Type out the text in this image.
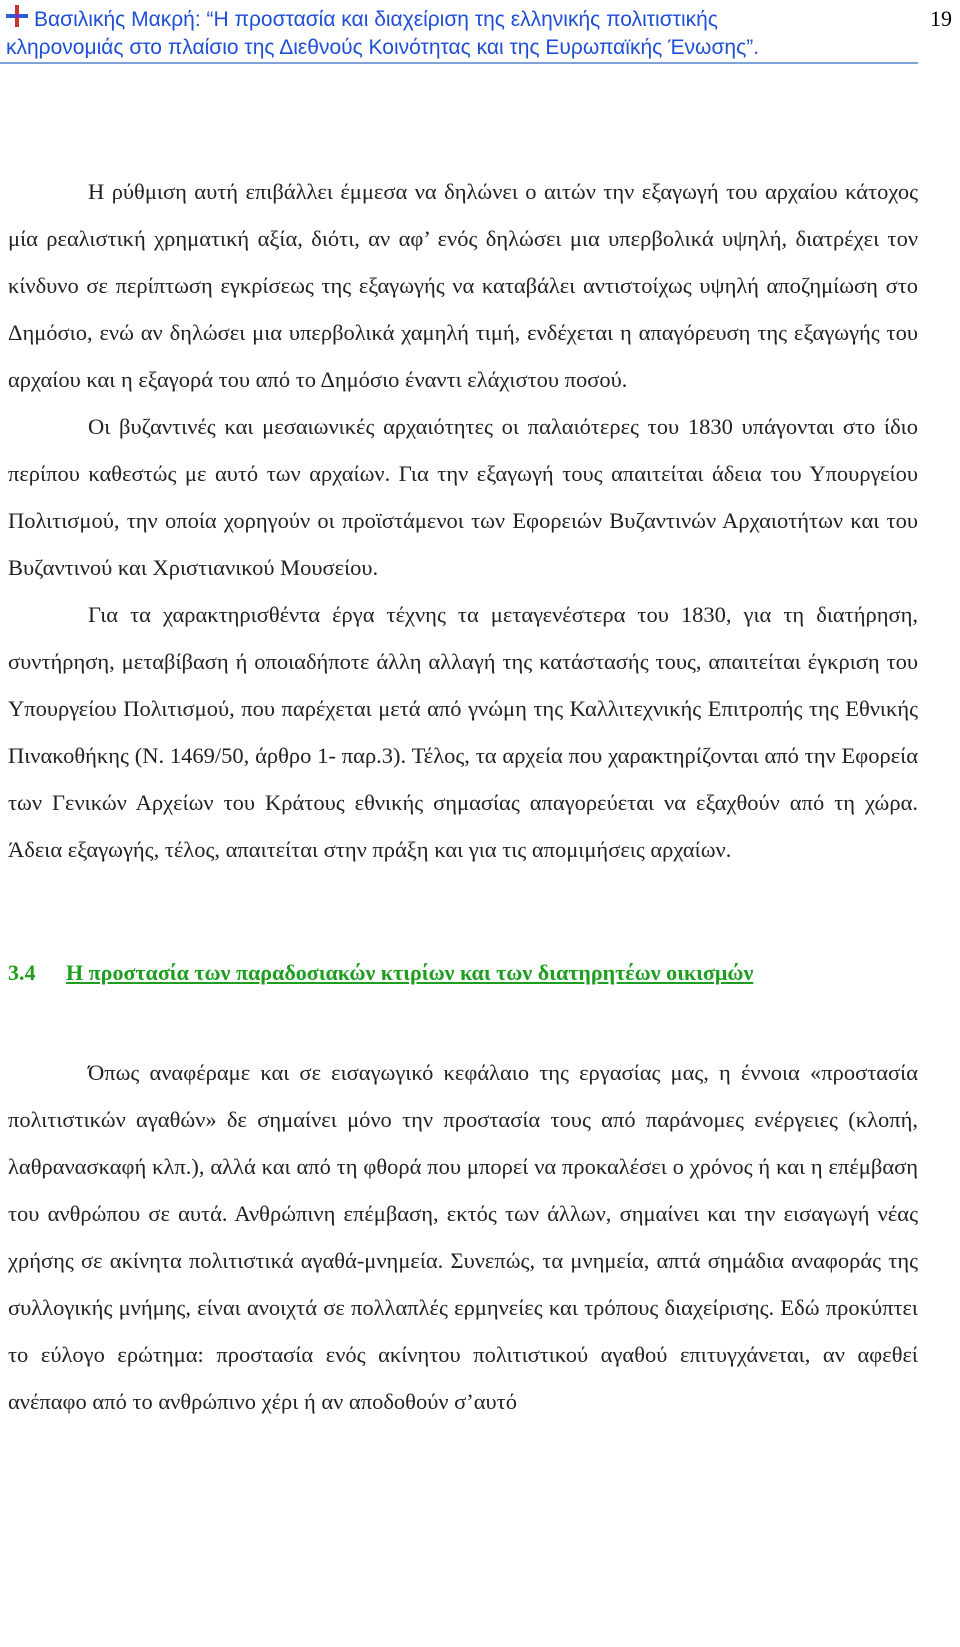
Βασιλικής Μακρή: “Η προστασία και διαχείριση της ελληνικής πολιτιστικής
κληρονομιάς στο πλαίσιο της Διεθνούς Κοινότητας και της Ευρωπαϊκής Ένωσης”.
19

Η ρύθμιση αυτή επιβάλλει έμμεσα να δηλώνει ο αιτών την εξαγωγή του αρχαίου κάτοχος μία ρεαλιστική χρηματική αξία, διότι, αν αφ’ ενός δηλώσει μια υπερβολικά υψηλή, διατρέχει τον κίνδυνο σε περίπτωση εγκρίσεως της εξαγωγής να καταβάλει αντιστοίχως υψηλή αποζημίωση στο Δημόσιο, ενώ αν δηλώσει μια υπερβολικά χαμηλή τιμή, ενδέχεται η απαγόρευση της εξαγωγής του αρχαίου και η εξαγορά του από το Δημόσιο έναντι ελάχιστου ποσού.

Οι βυζαντινές και μεσαιωνικές αρχαιότητες οι παλαιότερες του 1830 υπάγονται στο ίδιο περίπου καθεστώς με αυτό των αρχαίων. Για την εξαγωγή τους απαιτείται άδεια του Υπουργείου Πολιτισμού, την οποία χορηγούν οι προϊστάμενοι των Εφορειών Βυζαντινών Αρχαιοτήτων και του Βυζαντινού και Χριστιανικού Μουσείου.

Για τα χαρακτηρισθέντα έργα τέχνης τα μεταγενέστερα του 1830, για τη διατήρηση, συντήρηση, μεταβίβαση ή οποιαδήποτε άλλη αλλαγή της κατάστασής τους, απαιτείται έγκριση του Υπουργείου Πολιτισμού, που παρέχεται μετά από γνώμη της Καλλιτεχνικής Επιτροπής της Εθνικής Πινακοθήκης (Ν. 1469/50, άρθρο 1- παρ.3). Τέλος, τα αρχεία που χαρακτηρίζονται από την Εφορεία των Γενικών Αρχείων του Κράτους εθνικής σημασίας απαγορεύεται να εξαχθούν από τη χώρα. Άδεια εξαγωγής, τέλος, απαιτείται στην πράξη και για τις απομιμήσεις αρχαίων.

3.4 Η προστασία των παραδοσιακών κτιρίων και των διατηρητέων οικισμών

Όπως αναφέραμε και σε εισαγωγικό κεφάλαιο της εργασίας μας, η έννοια «προστασία πολιτιστικών αγαθών» δε σημαίνει μόνο την προστασία τους από παράνομες ενέργειες (κλοπή, λαθρανασκαφή κλπ.), αλλά και από τη φθορά που μπορεί να προκαλέσει ο χρόνος ή και η επέμβαση του ανθρώπου σε αυτά. Ανθρώπινη επέμβαση, εκτός των άλλων, σημαίνει και την εισαγωγή νέας χρήσης σε ακίνητα πολιτιστικά αγαθά-μνημεία. Συνεπώς, τα μνημεία, απτά σημάδια αναφοράς της συλλογικής μνήμης, είναι ανοιχτά σε πολλαπλές ερμηνείες και τρόπους διαχείρισης. Εδώ προκύπτει το εύλογο ερώτημα: προστασία ενός ακίνητου πολιτιστικού αγαθού επιτυγχάνεται, αν αφεθεί ανέπαφο από το ανθρώπινο χέρι ή αν αποδοθούν σ’αυτό
